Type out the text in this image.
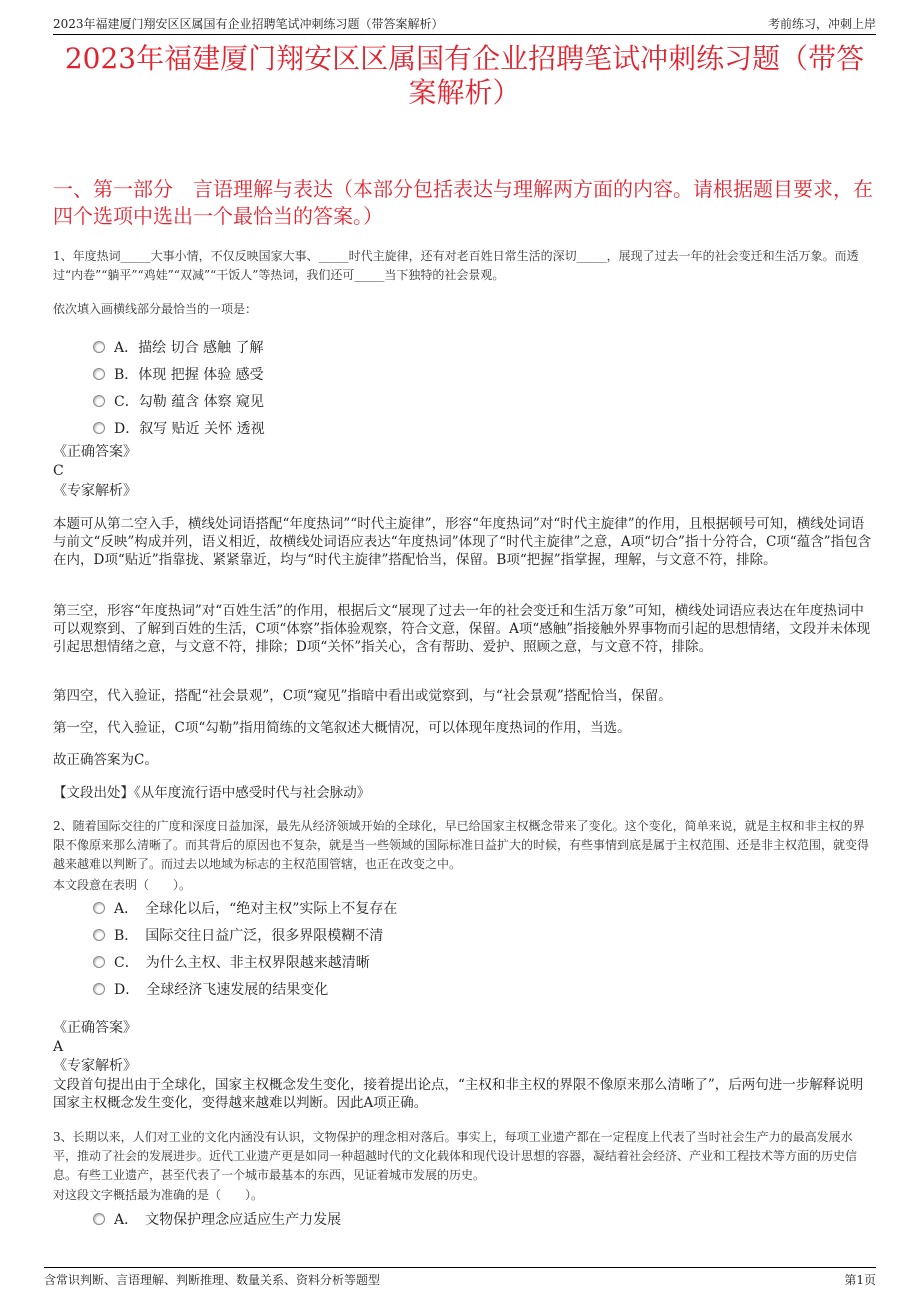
2023年福建厦门翔安区区属国有企业招聘笔试冲刺练习题（带答案解析）	考前练习，冲刺上岸
2023年福建厦门翔安区区属国有企业招聘笔试冲刺练习题（带答案解析）
一、第一部分　言语理解与表达（本部分包括表达与理解两方面的内容。请根据题目要求，在四个选项中选出一个最恰当的答案。）
1、年度热词_____大事小情，不仅反映国家大事、_____时代主旋律，还有对老百姓日常生活的深切_____，展现了过去一年的社会变迁和生活万象。而透过“内卷”“躺平”“鸡娃”“双减”“干饭人”等热词，我们还可_____当下独特的社会景观。
依次填入画横线部分最恰当的一项是：
A．描绘 切合 感触 了解
B．体现 把握 体验 感受
C．勾勒 蕴含 体察 窥见
D．叙写 贴近 关怀 透视
《正确答案》
C
《专家解析》

本题可从第二空入手，横线处词语搭配“年度热词”“时代主旋律”，形容“年度热词”对“时代主旋律”的作用，且根据顿号可知，横线处词语与前文“反映”构成并列，语义相近，故横线处词语应表达“年度热词”体现了“时代主旋律”之意，A项“切合”指十分符合，C项“蕴含”指包含在内，D项“贴近”指靠拢、紧紧靠近，均与“时代主旋律”搭配恰当，保留。B项“把握”指掌握，理解，与文意不符，排除。

第三空，形容“年度热词”对“百姓生活”的作用，根据后文“展现了过去一年的社会变迁和生活万象”可知，横线处词语应表达在年度热词中可以观察到、了解到百姓的生活，C项“体察”指体验观察，符合文意，保留。A项“感触”指接触外界事物而引起的思想情绪，文段并未体现引起思想情绪之意，与文意不符，排除；D项“关怀”指关心，含有帮助、爱护、照顾之意，与文意不符，排除。

第四空，代入验证，搭配“社会景观”，C项“窥见”指暗中看出或觉察到，与“社会景观”搭配恰当，保留。

第一空，代入验证，C项“勾勒”指用简练的文笔叙述大概情况，可以体现年度热词的作用，当选。

故正确答案为C。

【文段出处】《从年度流行语中感受时代与社会脉动》

2、随着国际交往的广度和深度日益加深，最先从经济领域开始的全球化，早已给国家主权概念带来了变化。这个变化，简单来说，就是主权和非主权的界限不像原来那么清晰了。而其背后的原因也不复杂，就是当一些领域的国际标准日益扩大的时候，有些事情到底是属于主权范围、还是非主权范围，就变得越来越难以判断了。而过去以地域为标志的主权范围管辖，也正在改变之中。
本文段意在表明（　　）。
A．　全球化以后，“绝对主权”实际上不复存在
B．　国际交往日益广泛，很多界限模糊不清
C．　为什么主权、非主权界限越来越清晰
D．　全球经济飞速发展的结果变化
《正确答案》
A
《专家解析》

文段首句提出由于全球化，国家主权概念发生变化，接着提出论点，“主权和非主权的界限不像原来那么清晰了”，后两句进一步解释说明国家主权概念发生变化，变得越来越难以判断。因此A项正确。

3、长期以来，人们对工业的文化内涵没有认识，文物保护的理念相对落后。事实上，每项工业遗产都在一定程度上代表了当时社会生产力的最高发展水平，推动了社会的发展进步。近代工业遗产更是如同一种超越时代的文化载体和现代设计思想的容器，凝结着社会经济、产业和工程技术等方面的历史信息。有些工业遗产，甚至代表了一个城市最基本的东西，见证着城市发展的历史。
对这段文字概括最为准确的是（　　）。
A．　文物保护理念应适应生产力发展
含常识判断、言语理解、判断推理、数量关系、资料分析等题型	第1页
